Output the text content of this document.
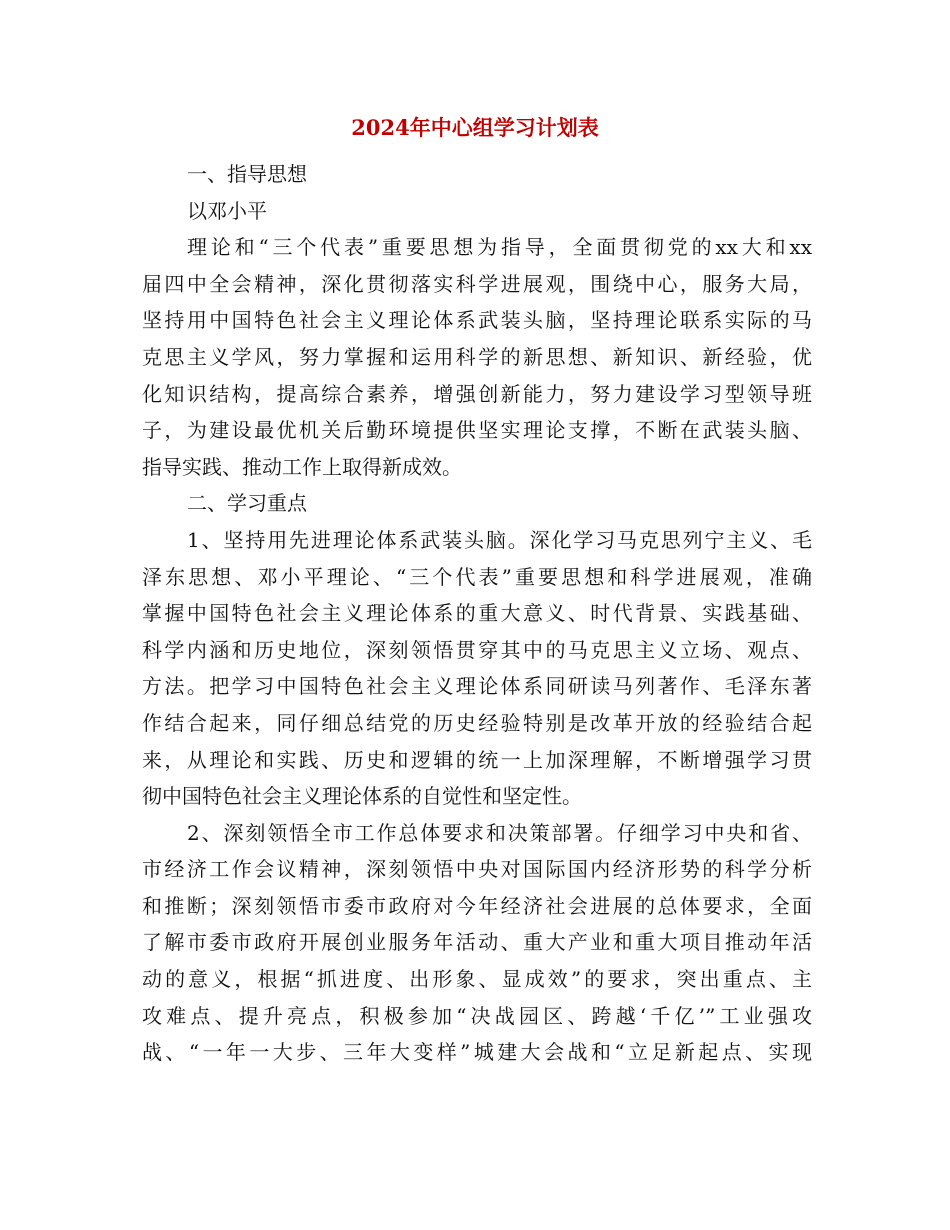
2024年中心组学习计划表
一、指导思想
以邓小平
理论和“三个代表”重要思想为指导，全面贯彻党的xx大和xx
届四中全会精神，深化贯彻落实科学进展观，围绕中心，服务大局，
坚持用中国特色社会主义理论体系武装头脑，坚持理论联系实际的马
克思主义学风，努力掌握和运用科学的新思想、新知识、新经验，优
化知识结构，提高综合素养，增强创新能力，努力建设学习型领导班
子，为建设最优机关后勤环境提供坚实理论支撑，不断在武装头脑、
指导实践、推动工作上取得新成效。
二、学习重点
1、坚持用先进理论体系武装头脑。深化学习马克思列宁主义、毛
泽东思想、邓小平理论、“三个代表”重要思想和科学进展观，准确
掌握中国特色社会主义理论体系的重大意义、时代背景、实践基础、
科学内涵和历史地位，深刻领悟贯穿其中的马克思主义立场、观点、
方法。把学习中国特色社会主义理论体系同研读马列著作、毛泽东著
作结合起来，同仔细总结党的历史经验特别是改革开放的经验结合起
来，从理论和实践、历史和逻辑的统一上加深理解，不断增强学习贯
彻中国特色社会主义理论体系的自觉性和坚定性。
2、深刻领悟全市工作总体要求和决策部署。仔细学习中央和省、
市经济工作会议精神，深刻领悟中央对国际国内经济形势的科学分析
和推断；深刻领悟市委市政府对今年经济社会进展的总体要求，全面
了解市委市政府开展创业服务年活动、重大产业和重大项目推动年活
动的意义，根据“抓进度、出形象、显成效”的要求，突出重点、主
攻难点、提升亮点，积极参加“决战园区、跨越‘千亿’”工业强攻
战、“一年一大步、三年大变样”城建大会战和“立足新起点、实现
